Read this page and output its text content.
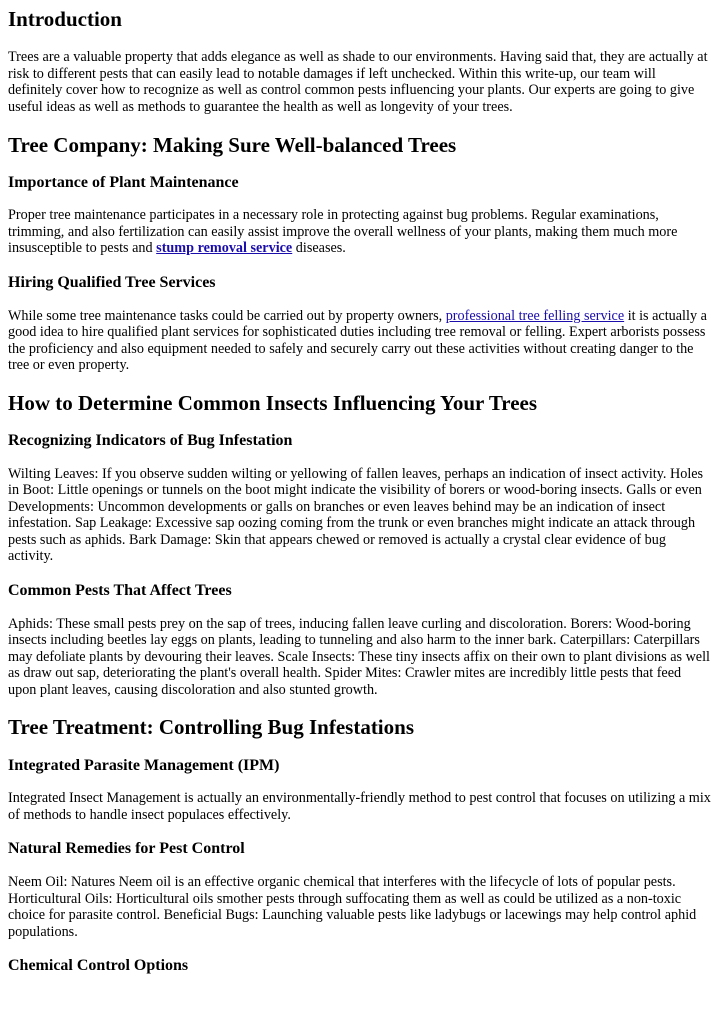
Introduction

Trees are a valuable property that adds elegance as well as shade to our environments. Having said that, they are actually at risk to different pests that can easily lead to notable damages if left unchecked. Within this write-up, our team will definitely cover how to recognize as well as control common pests influencing your plants. Our experts are going to give useful ideas as well as methods to guarantee the health as well as longevity of your trees.

Tree Company: Making Sure Well-balanced Trees
Importance of Plant Maintenance

Proper tree maintenance participates in a necessary role in protecting against bug problems. Regular examinations, trimming, and also fertilization can easily assist improve the overall wellness of your plants, making them much more insusceptible to pests and stump removal service diseases.

Hiring Qualified Tree Services

While some tree maintenance tasks could be carried out by property owners, professional tree felling service it is actually a good idea to hire qualified plant services for sophisticated duties including tree removal or felling. Expert arborists possess the proficiency and also equipment needed to safely and securely carry out these activities without creating danger to the tree or even property.

How to Determine Common Insects Influencing Your Trees
Recognizing Indicators of Bug Infestation

Wilting Leaves: If you observe sudden wilting or yellowing of fallen leaves, perhaps an indication of insect activity. Holes in Boot: Little openings or tunnels on the boot might indicate the visibility of borers or wood-boring insects. Galls or even Developments: Uncommon developments or galls on branches or even leaves behind may be an indication of insect infestation. Sap Leakage: Excessive sap oozing coming from the trunk or even branches might indicate an attack through pests such as aphids. Bark Damage: Skin that appears chewed or removed is actually a crystal clear evidence of bug activity.

Common Pests That Affect Trees

Aphids: These small pests prey on the sap of trees, inducing fallen leave curling and discoloration. Borers: Wood-boring insects including beetles lay eggs on plants, leading to tunneling and also harm to the inner bark. Caterpillars: Caterpillars may defoliate plants by devouring their leaves. Scale Insects: These tiny insects affix on their own to plant divisions as well as draw out sap, deteriorating the plant's overall health. Spider Mites: Crawler mites are incredibly little pests that feed upon plant leaves, causing discoloration and also stunted growth.

Tree Treatment: Controlling Bug Infestations
Integrated Parasite Management (IPM)

Integrated Insect Management is actually an environmentally-friendly method to pest control that focuses on utilizing a mix of methods to handle insect populaces effectively.

Natural Remedies for Pest Control

Neem Oil: Natures Neem oil is an effective organic chemical that interferes with the lifecycle of lots of popular pests. Horticultural Oils: Horticultural oils smother pests through suffocating them as well as could be utilized as a non-toxic choice for parasite control. Beneficial Bugs: Launching valuable pests like ladybugs or lacewings may help control aphid populations.

Chemical Control Options
